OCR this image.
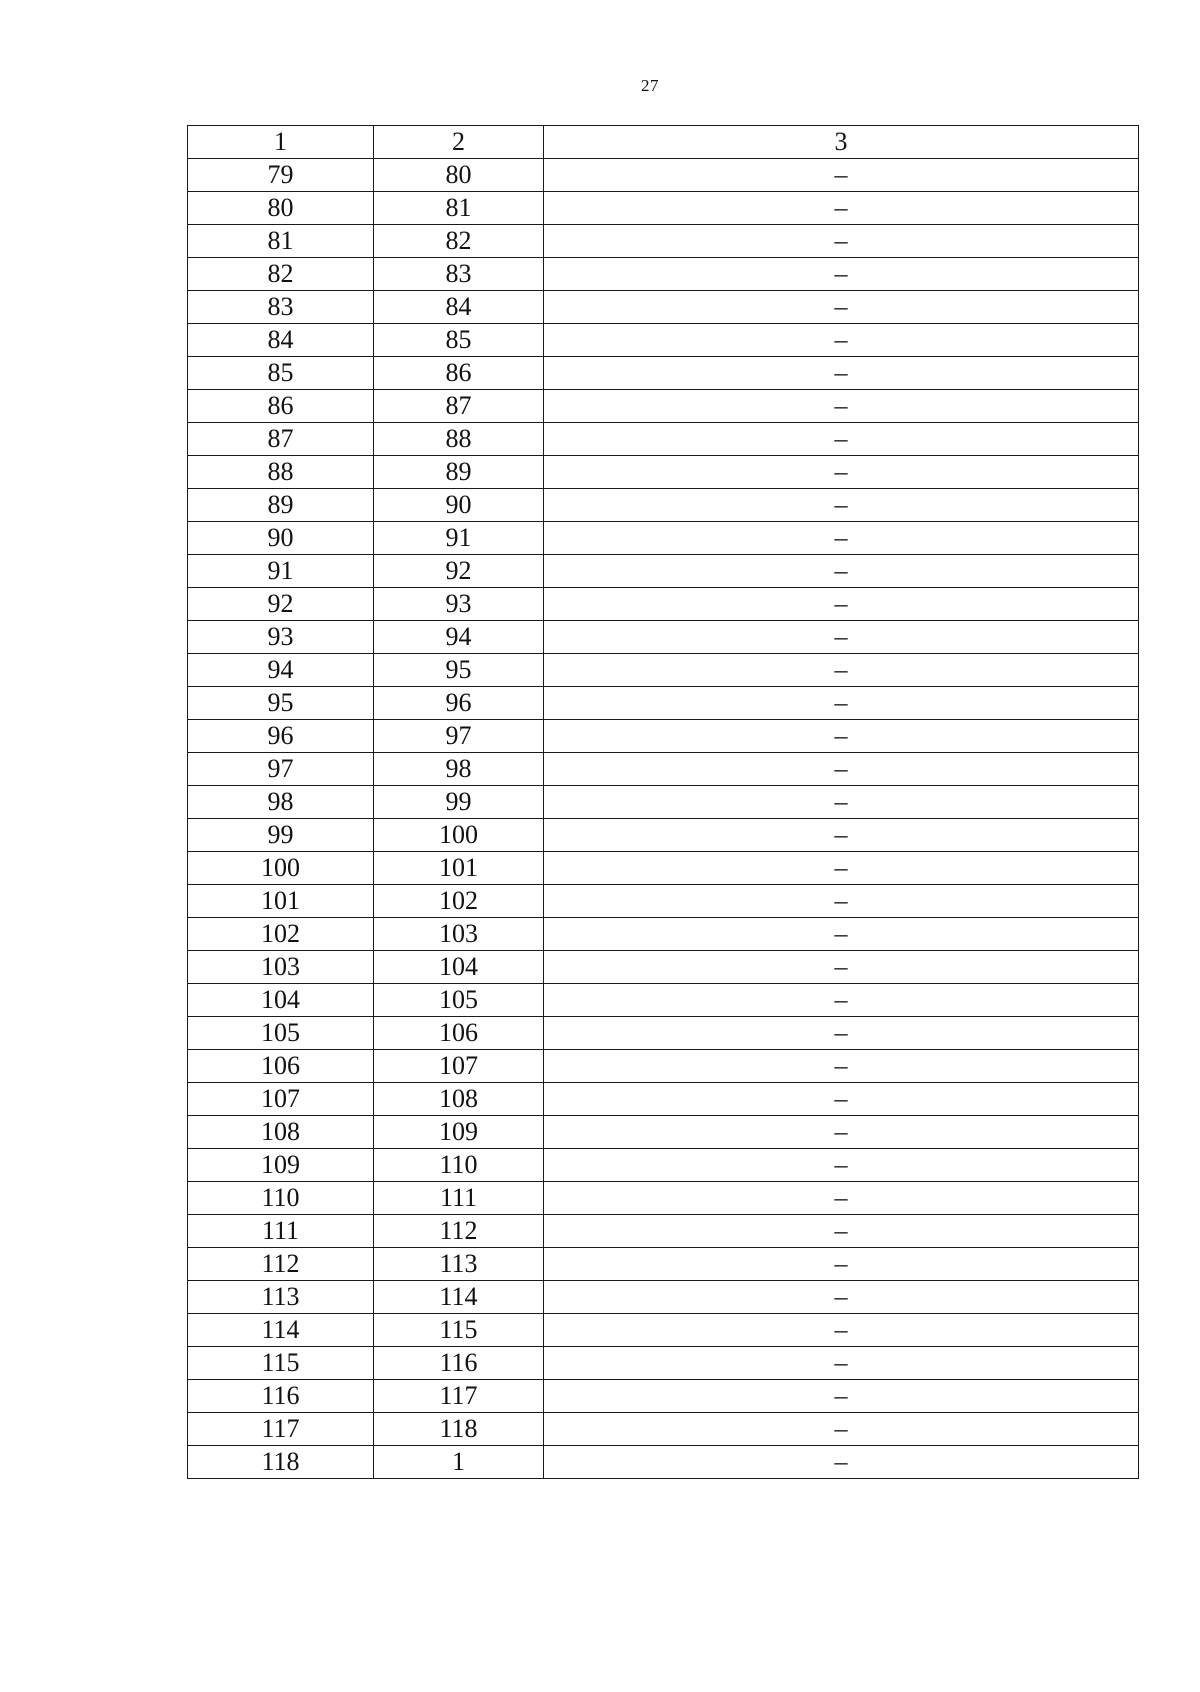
27
1	2	3
79	80	–
80	81	–
81	82	–
82	83	–
83	84	–
84	85	–
85	86	–
86	87	–
87	88	–
88	89	–
89	90	–
90	91	–
91	92	–
92	93	–
93	94	–
94	95	–
95	96	–
96	97	–
97	98	–
98	99	–
99	100	–
100	101	–
101	102	–
102	103	–
103	104	–
104	105	–
105	106	–
106	107	–
107	108	–
108	109	–
109	110	–
110	111	–
111	112	–
112	113	–
113	114	–
114	115	–
115	116	–
116	117	–
117	118	–
118	1	–
